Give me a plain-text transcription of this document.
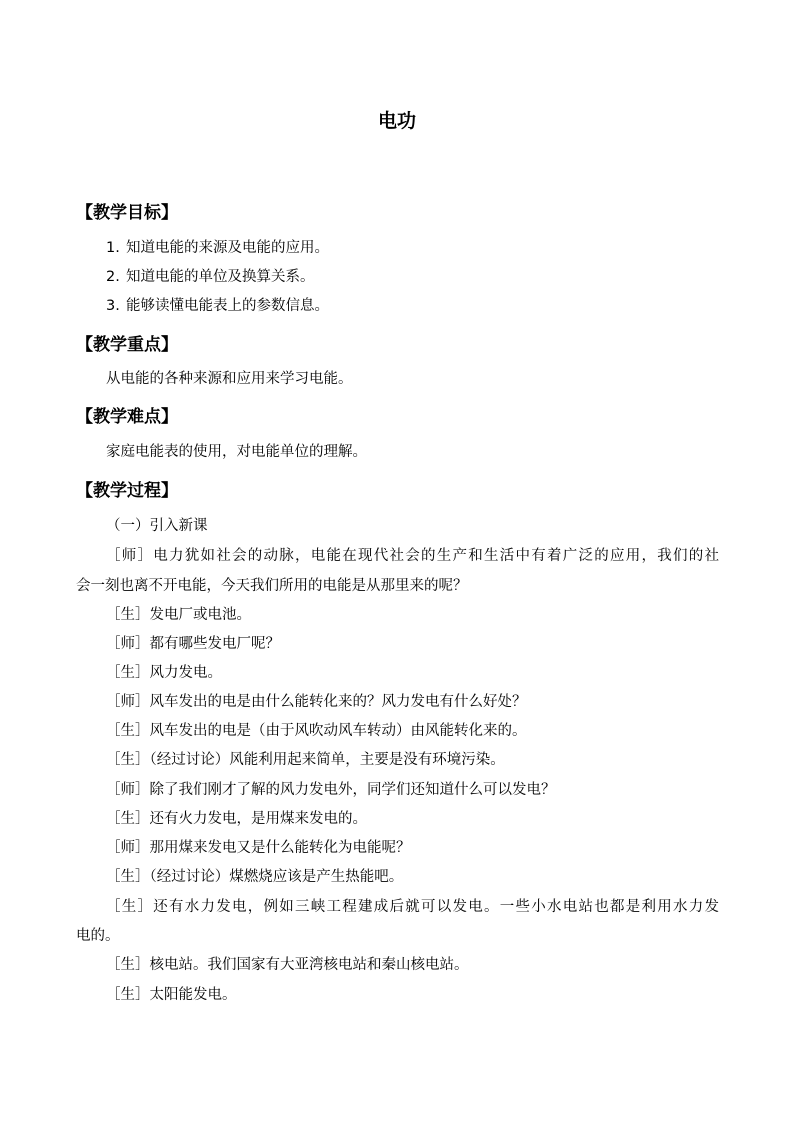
电功
【教学目标】
1. 知道电能的来源及电能的应用。
2. 知道电能的单位及换算关系。
3. 能够读懂电能表上的参数信息。
【教学重点】
从电能的各种来源和应用来学习电能。
【教学难点】
家庭电能表的使用，对电能单位的理解。
【教学过程】
（一）引入新课
［师］电力犹如社会的动脉，电能在现代社会的生产和生活中有着广泛的应用，我们的社
会一刻也离不开电能，今天我们所用的电能是从那里来的呢？
［生］发电厂或电池。
［师］都有哪些发电厂呢？
［生］风力发电。
［师］风车发出的电是由什么能转化来的？风力发电有什么好处？
［生］风车发出的电是（由于风吹动风车转动）由风能转化来的。
［生］（经过讨论）风能利用起来简单，主要是没有环境污染。
［师］除了我们刚才了解的风力发电外，同学们还知道什么可以发电？
［生］还有火力发电，是用煤来发电的。
［师］那用煤来发电又是什么能转化为电能呢？
［生］（经过讨论）煤燃烧应该是产生热能吧。
［生］还有水力发电，例如三峡工程建成后就可以发电。一些小水电站也都是利用水力发
电的。
［生］核电站。我们国家有大亚湾核电站和秦山核电站。
［生］太阳能发电。
